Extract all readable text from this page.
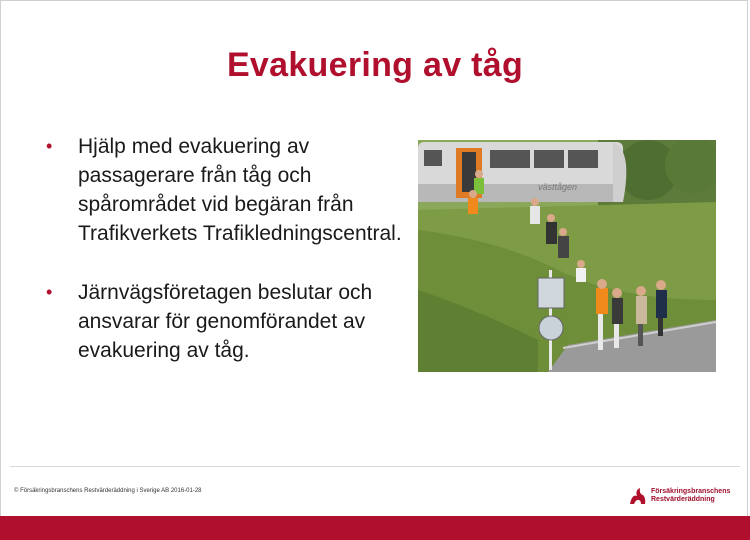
Evakuering av tåg
•	Hjälp med evakuering av passagerare från tåg och spårområdet vid begäran från Trafikverkets Trafikledningscentral.
•	Järnvägsföretagen beslutar och ansvarar för genomförandet av evakuering av tåg.
västtågen
© Försäkringsbranschens Restvärderäddning i Sverige AB 2016-01-28	Försäkringsbranschens
Restvärderäddning
